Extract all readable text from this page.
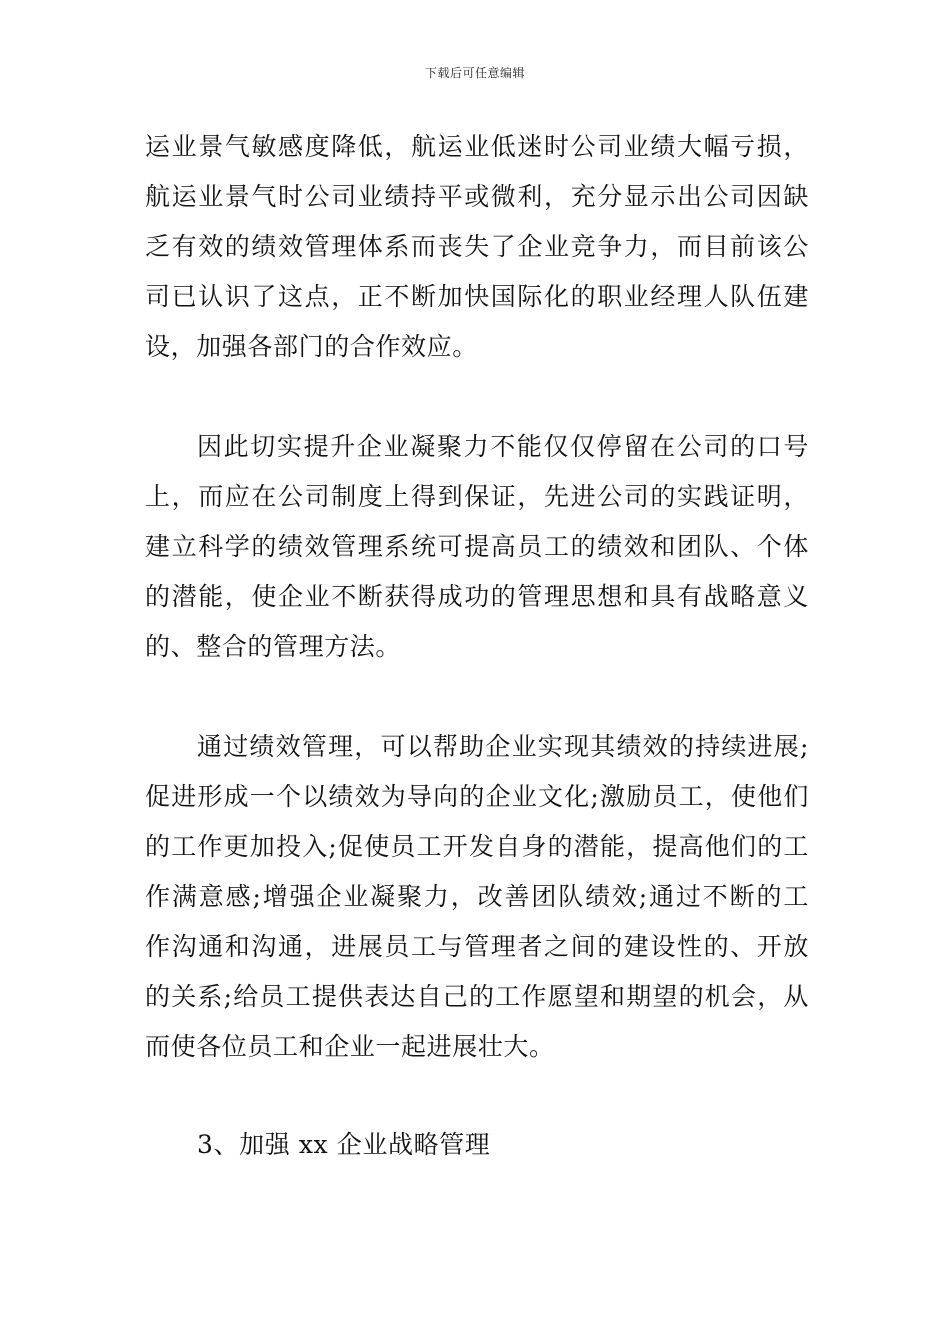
下载后可任意编辑
运业景气敏感度降低，航运业低迷时公司业绩大幅亏损，
航运业景气时公司业绩持平或微利，充分显示出公司因缺
乏有效的绩效管理体系而丧失了企业竞争力，而目前该公
司已认识了这点，正不断加快国际化的职业经理人队伍建
设，加强各部门的合作效应。
因此切实提升企业凝聚力不能仅仅停留在公司的口号
上，而应在公司制度上得到保证，先进公司的实践证明，
建立科学的绩效管理系统可提高员工的绩效和团队、个体
的潜能，使企业不断获得成功的管理思想和具有战略意义
的、整合的管理方法。
通过绩效管理，可以帮助企业实现其绩效的持续进展;
促进形成一个以绩效为导向的企业文化;激励员工，使他们
的工作更加投入;促使员工开发自身的潜能，提高他们的工
作满意感;增强企业凝聚力，改善团队绩效;通过不断的工
作沟通和沟通，进展员工与管理者之间的建设性的、开放
的关系;给员工提供表达自己的工作愿望和期望的机会，从
而使各位员工和企业一起进展壮大。
3、加强 xx 企业战略管理
